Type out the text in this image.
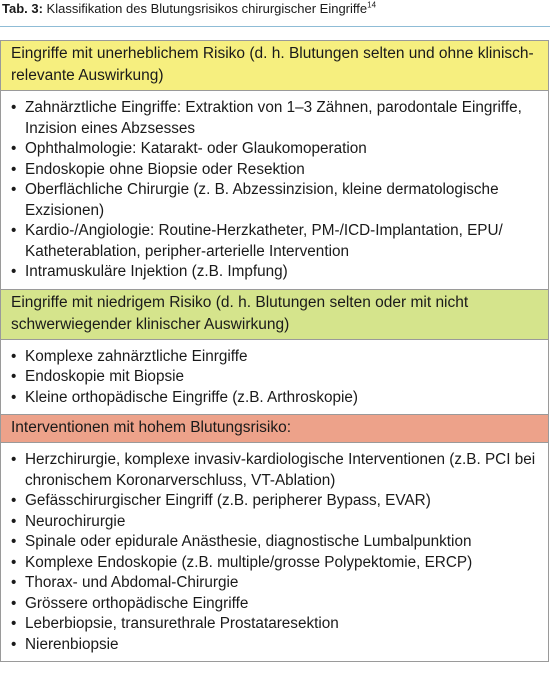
Tab. 3: Klassifikation des Blutungsrisikos chirurgischer Eingriffe$^{14}$
Eingriffe mit unerheblichem Risiko (d. h. Blutungen selten und ohne klinisch-relevante Auswirkung)
• Zahnärztliche Eingriffe: Extraktion von 1–3 Zähnen, parodontale Eingriffe, Inzision eines Abzsesses
• Ophthalmologie: Katarakt- oder Glaukomoperation
• Endoskopie ohne Biopsie oder Resektion
• Oberflächliche Chirurgie (z. B. Abzessinzision, kleine dermatologische Exzisionen)
• Kardio-/Angiologie: Routine-Herzkatheter, PM-/ICD-Implantation, EPU/ Katheterablation, peripher-arterielle Intervention
• Intramuskuläre Injektion (z.B. Impfung)
Eingriffe mit niedrigem Risiko (d. h. Blutungen selten oder mit nicht schwerwiegender klinischer Auswirkung)
• Komplexe zahnärztliche Einrgiffe
• Endoskopie mit Biopsie
• Kleine orthopädische Eingriffe (z.B. Arthroskopie)
Interventionen mit hohem Blutungsrisiko:
• Herzchirurgie, komplexe invasiv-kardiologische Interventionen (z.B. PCI bei chronischem Koronarverschluss, VT-Ablation)
• Gefässchirurgischer Eingriff (z.B. peripherer Bypass, EVAR)
• Neurochirurgie
• Spinale oder epidurale Anästhesie, diagnostische Lumbalpunktion
• Komplexe Endoskopie (z.B. multiple/grosse Polypektomie, ERCP)
• Thorax- und Abdomal-Chirurgie
• Grössere orthopädische Eingriffe
• Leberbiopsie, transurethrale Prostataresektion
• Nierenbiopsie
